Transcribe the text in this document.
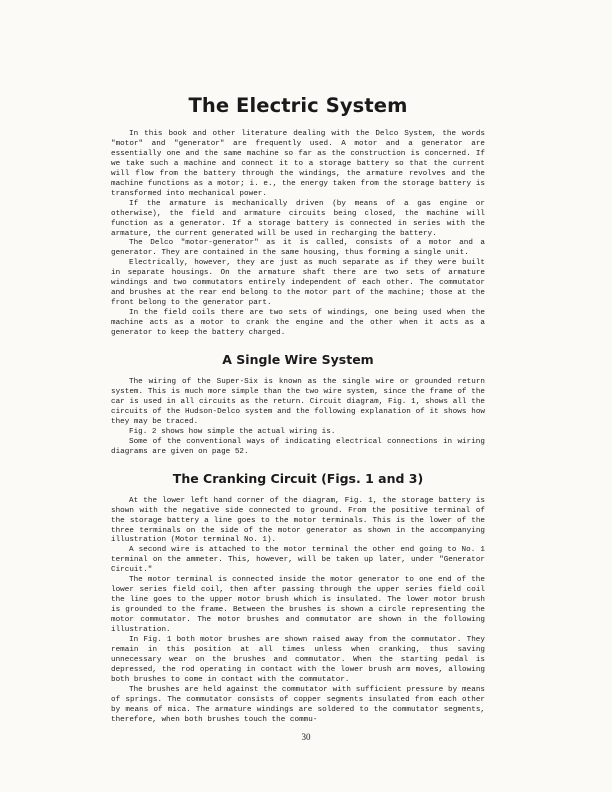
The Electric System

In this book and other literature dealing with the Delco System, the words "motor" and "generator" are frequently used. A motor and a generator are essentially one and the same machine so far as the construction is concerned. If we take such a machine and connect it to a storage battery so that the current will flow from the battery through the windings, the armature revolves and the machine functions as a motor; i. e., the energy taken from the storage battery is transformed into mechanical power.

If the armature is mechanically driven (by means of a gas engine or otherwise), the field and armature circuits being closed, the machine will function as a generator. If a storage battery is connected in series with the armature, the current generated will be used in recharging the battery.

The Delco "motor-generator" as it is called, consists of a motor and a generator. They are contained in the same housing, thus forming a single unit.

Electrically, however, they are just as much separate as if they were built in separate housings. On the armature shaft there are two sets of armature windings and two commutators entirely independent of each other. The commutator and brushes at the rear end belong to the motor part of the machine; those at the front belong to the generator part.

In the field coils there are two sets of windings, one being used when the machine acts as a motor to crank the engine and the other when it acts as a generator to keep the battery charged.

A Single Wire System

The wiring of the Super-Six is known as the single wire or grounded return system. This is much more simple than the two wire system, since the frame of the car is used in all circuits as the return. Circuit diagram, Fig. 1, shows all the circuits of the Hudson-Delco system and the following explanation of it shows how they may be traced.

Fig. 2 shows how simple the actual wiring is.

Some of the conventional ways of indicating electrical connections in wiring diagrams are given on page 52.

The Cranking Circuit (Figs. 1 and 3)

At the lower left hand corner of the diagram, Fig. 1, the storage battery is shown with the negative side connected to ground. From the positive terminal of the storage battery a line goes to the motor terminals. This is the lower of the three terminals on the side of the motor generator as shown in the accompanying illustration (Motor terminal No. 1).

A second wire is attached to the motor terminal the other end going to No. 1 terminal on the ammeter. This, however, will be taken up later, under "Generator Circuit."

The motor terminal is connected inside the motor generator to one end of the lower series field coil, then after passing through the upper series field coil the line goes to the upper motor brush which is insulated. The lower motor brush is grounded to the frame. Between the brushes is shown a circle representing the motor commutator. The motor brushes and commutator are shown in the following illustration.

In Fig. 1 both motor brushes are shown raised away from the commutator. They remain in this position at all times unless when cranking, thus saving unnecessary wear on the brushes and commutator. When the starting pedal is depressed, the rod operating in contact with the lower brush arm moves, allowing both brushes to come in contact with the commutator.

The brushes are held against the commutator with sufficient pressure by means of springs. The commutator consists of copper segments insulated from each other by means of mica. The armature windings are soldered to the commutator segments, therefore, when both brushes touch the commu-

30
